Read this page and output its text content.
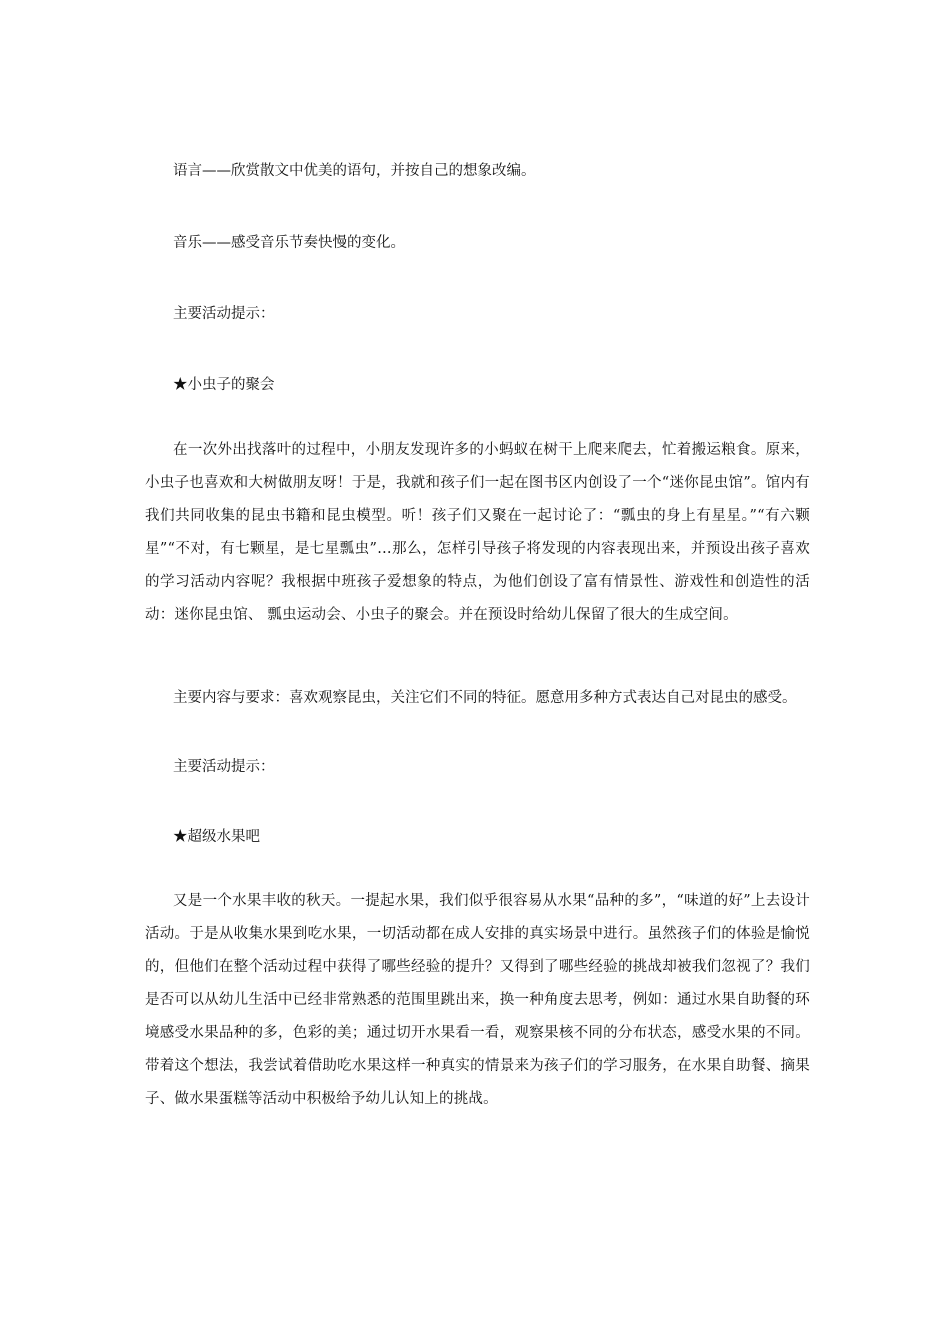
语言——欣赏散文中优美的语句，并按自己的想象改编。
音乐——感受音乐节奏快慢的变化。
主要活动提示：
★小虫子的聚会
在一次外出找落叶的过程中，小朋友发现许多的小蚂蚁在树干上爬来爬去，忙着搬运粮食。原来，小虫子也喜欢和大树做朋友呀！于是，我就和孩子们一起在图书区内创设了一个“迷你昆虫馆”。馆内有我们共同收集的昆虫书籍和昆虫模型。听！孩子们又聚在一起讨论了：“瓢虫的身上有星星。”“有六颗星”“不对，有七颗星，是七星瓢虫”…那么，怎样引导孩子将发现的内容表现出来，并预设出孩子喜欢的学习活动内容呢？我根据中班孩子爱想象的特点，为他们创设了富有情景性、游戏性和创造性的活动：迷你昆虫馆、 瓢虫运动会、小虫子的聚会。并在预设时给幼儿保留了很大的生成空间。
主要内容与要求：喜欢观察昆虫，关注它们不同的特征。愿意用多种方式表达自己对昆虫的感受。
主要活动提示：
★超级水果吧
又是一个水果丰收的秋天。一提起水果，我们似乎很容易从水果“品种的多”，“味道的好”上去设计活动。于是从收集水果到吃水果，一切活动都在成人安排的真实场景中进行。虽然孩子们的体验是愉悦的，但他们在整个活动过程中获得了哪些经验的提升？又得到了哪些经验的挑战却被我们忽视了？我们是否可以从幼儿生活中已经非常熟悉的范围里跳出来，换一种角度去思考，例如：通过水果自助餐的环境感受水果品种的多，色彩的美；通过切开水果看一看，观察果核不同的分布状态，感受水果的不同。带着这个想法，我尝试着借助吃水果这样一种真实的情景来为孩子们的学习服务，在水果自助餐、摘果子、做水果蛋糕等活动中积极给予幼儿认知上的挑战。
